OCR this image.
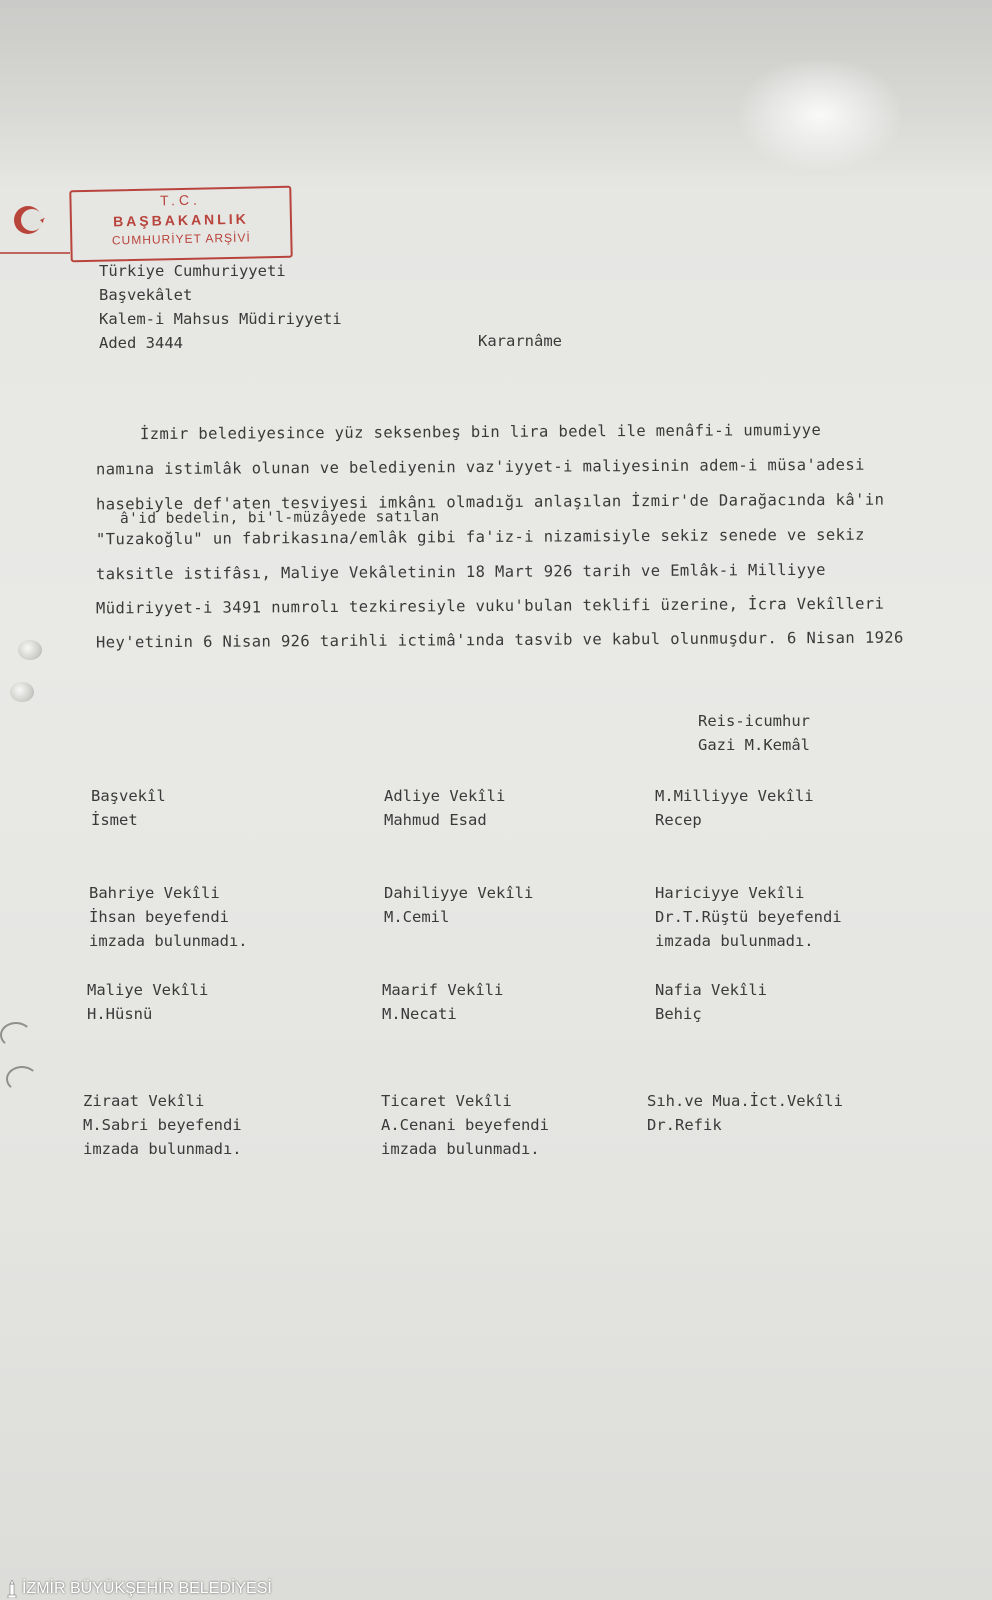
T.C.
BAŞBAKANLIK
CUMHURİYET ARŞİVİ
Türkiye Cumhuriyyeti
Başvekâlet
Kalem-i Mahsus Müdiriyyeti
Aded 3444	Kararnâme
İzmir belediyesince yüz seksenbeş bin lira bedel ile menâfi-i umumiyye
namına istimlâk olunan ve belediyenin vaz'iyyet-i maliyesinin adem-i müsa'adesi
hasebiyle def'aten tesviyesi imkânı olmadığı anlaşılan İzmir'de Darağacında kâ'in
â'id bedelin, bi'l-müzâyede satılan
"Tuzakoğlu" un fabrikasına/emlâk gibi fa'iz-i nizamisiyle sekiz senede ve sekiz
taksitle istifâsı, Maliye Vekâletinin 18 Mart 926 tarih ve Emlâk-i Milliyye
Müdiriyyet-i 3491 numrolı tezkiresiyle vuku'bulan teklifi üzerine, İcra Vekîlleri
Hey'etinin 6 Nisan 926 tarihli ictimâ'ında tasvib ve kabul olunmuşdur. 6 Nisan 1926
Reis-icumhur
Gazi M.Kemâl
Başvekîl
İsmet
Adliye Vekîli
Mahmud Esad
M.Milliyye Vekîli
Recep
Bahriye Vekîli
İhsan beyefendi
imzada bulunmadı.
Dahiliyye Vekîli
M.Cemil
Hariciyye Vekîli
Dr.T.Rüştü beyefendi
imzada bulunmadı.
Maliye Vekîli
H.Hüsnü
Maarif Vekîli
M.Necati
Nafia Vekîli
Behiç
Ziraat Vekîli
M.Sabri beyefendi
imzada bulunmadı.
Ticaret Vekîli
A.Cenani beyefendi
imzada bulunmadı.
Sıh.ve Mua.İct.Vekîli
Dr.Refik
İZMİR BÜYÜKŞEHİR BELEDİYESİ
